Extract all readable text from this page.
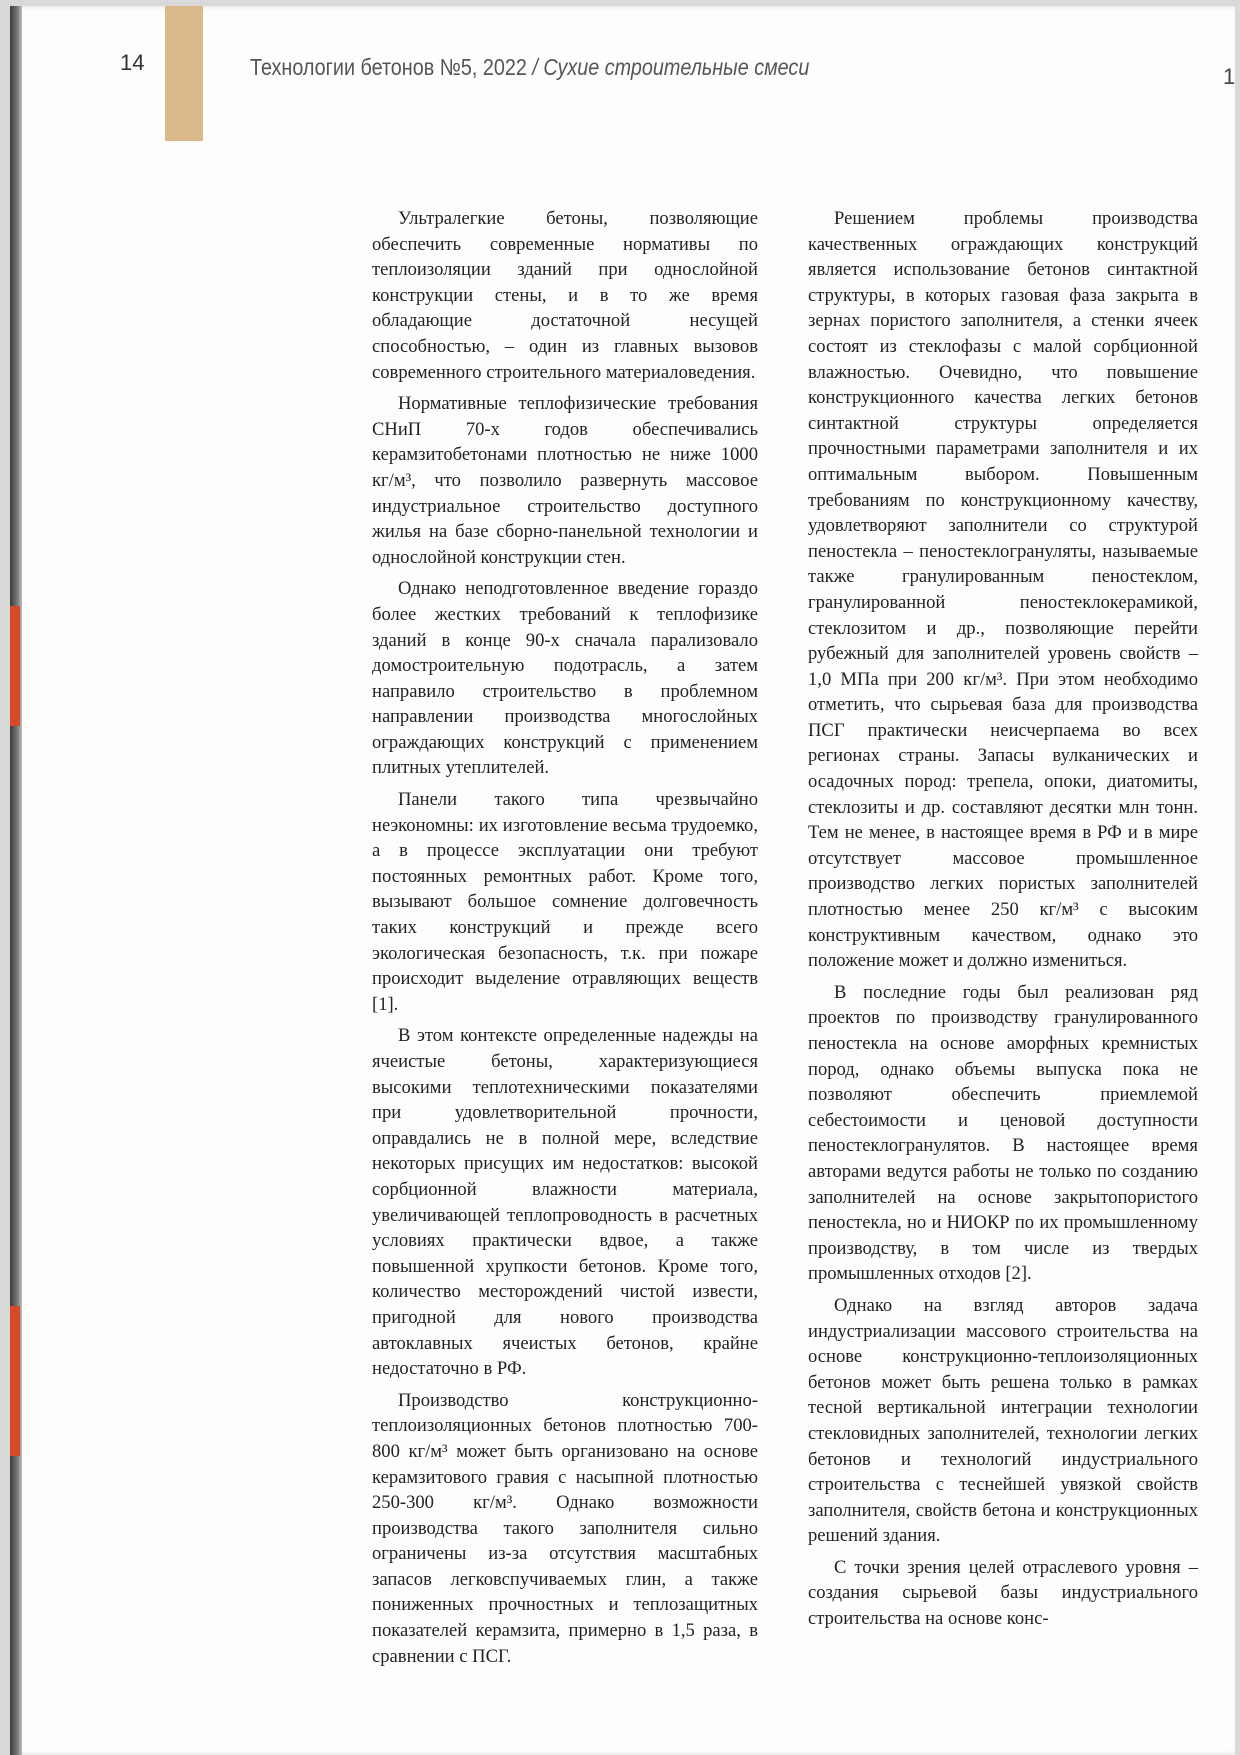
14	Технологии бетонов №5, 2022 / Сухие строительные смеси	1

Ультралегкие бетоны, позволяющие обеспечить современные нормативы по теплоизоляции зданий при однослойной конструкции стены, и в то же время обладающие достаточной несущей способностью, – один из главных вызовов современного строительного материаловедения.

Нормативные теплофизические требования СНиП 70-х годов обеспечивались керамзитобетонами плотностью не ниже 1000 кг/м³, что позволило развернуть массовое индустриальное строительство доступного жилья на базе сборно-панельной технологии и однослойной конструкции стен.

Однако неподготовленное введение гораздо более жестких требований к теплофизике зданий в конце 90-х сначала парализовало домостроительную подотрасль, а затем направило строительство в проблемном направлении производства многослойных ограждающих конструкций с применением плитных утеплителей.

Панели такого типа чрезвычайно неэкономны: их изготовление весьма трудоемко, а в процессе эксплуатации они требуют постоянных ремонтных работ. Кроме того, вызывают большое сомнение долговечность таких конструкций и прежде всего экологическая безопасность, т.к. при пожаре происходит выделение отравляющих веществ [1].

В этом контексте определенные надежды на ячеистые бетоны, характеризующиеся высокими теплотехническими показателями при удовлетворительной прочности, оправдались не в полной мере, вследствие некоторых присущих им недостатков: высокой сорбционной влажности материала, увеличивающей теплопроводность в расчетных условиях практически вдвое, а также повышенной хрупкости бетонов. Кроме того, количество месторождений чистой извести, пригодной для нового производства автоклавных ячеистых бетонов, крайне недостаточно в РФ.

Производство конструкционно-теплоизоляционных бетонов плотностью 700-800 кг/м³ может быть организовано на основе керамзитового гравия с насыпной плотностью 250-300 кг/м³. Однако возможности производства такого заполнителя сильно ограничены из-за отсутствия масштабных запасов легковспучиваемых глин, а также пониженных прочностных и теплозащитных показателей керамзита, примерно в 1,5 раза, в сравнении с ПСГ.

Решением проблемы производства качественных ограждающих конструкций является использование бетонов синтактной структуры, в которых газовая фаза закрыта в зернах пористого заполнителя, а стенки ячеек состоят из стеклофазы с малой сорбционной влажностью. Очевидно, что повышение конструкционного качества легких бетонов синтактной структуры определяется прочностными параметрами заполнителя и их оптимальным выбором. Повышенным требованиям по конструкционному качеству, удовлетворяют заполнители со структурой пеностекла – пеностеклогрануляты, называемые также гранулированным пеностеклом, гранулированной пеностеклокерамикой, стеклозитом и др., позволяющие перейти рубежный для заполнителей уровень свойств – 1,0 МПа при 200 кг/м³. При этом необходимо отметить, что сырьевая база для производства ПСГ практически неисчерпаема во всех регионах страны. Запасы вулканических и осадочных пород: трепела, опоки, диатомиты, стеклозиты и др. составляют десятки млн тонн. Тем не менее, в настоящее время в РФ и в мире отсутствует массовое промышленное производство легких пористых заполнителей плотностью менее 250 кг/м³ с высоким конструктивным качеством, однако это положение может и должно измениться.

В последние годы был реализован ряд проектов по производству гранулированного пеностекла на основе аморфных кремнистых пород, однако объемы выпуска пока не позволяют обеспечить приемлемой себестоимости и ценовой доступности пеностеклогранулятов. В настоящее время авторами ведутся работы не только по созданию заполнителей на основе закрытопористого пеностекла, но и НИОКР по их промышленному производству, в том числе из твердых промышленных отходов [2].

Однако на взгляд авторов задача индустриализации массового строительства на основе конструкционно-теплоизоляционных бетонов может быть решена только в рамках тесной вертикальной интеграции технологии стекловидных заполнителей, технологии легких бетонов и технологий индустриального строительства с теснейшей увязкой свойств заполнителя, свойств бетона и конструкционных решений здания.

С точки зрения целей отраслевого уровня – создания сырьевой базы индустриального строительства на основе конс-
